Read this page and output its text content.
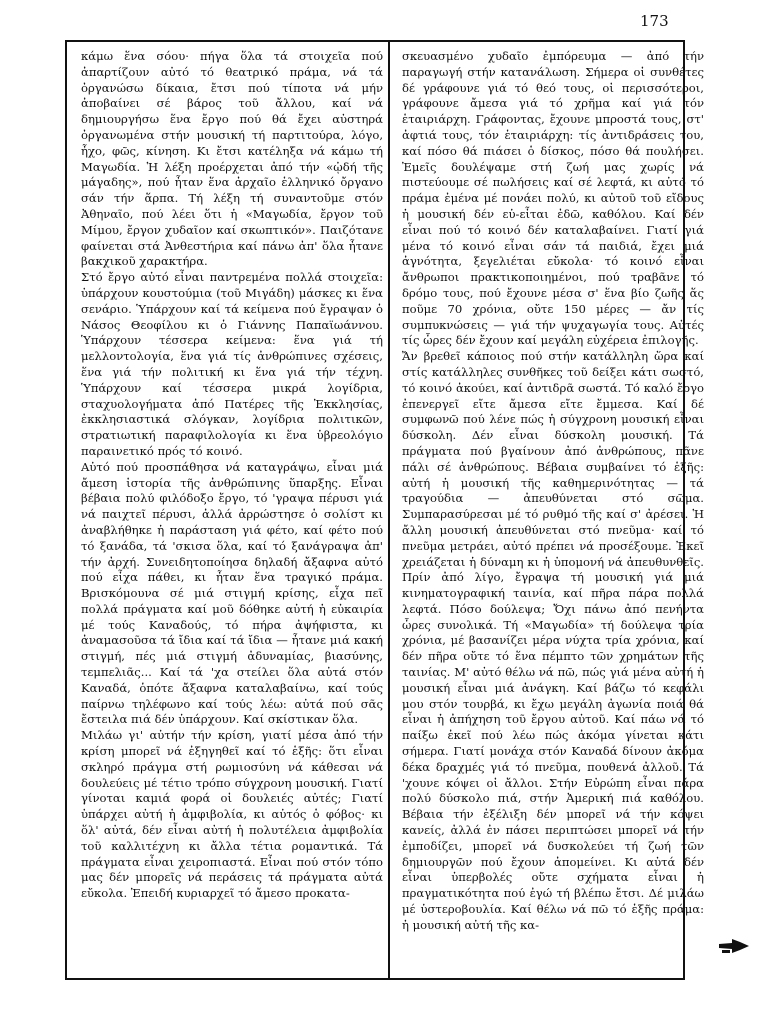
173

κάμω ἕνα σόου· πήγα ὅλα τά στοιχεῖα πού ἀπαρτίζουν αὐτό τό θεατρικό πράμα, νά τά ὀργανώσω δίκαια, ἔτσι πού τίποτα νά μήν ἀποβαίνει σέ βάρος τοῦ ἄλλου, καί νά δημιουργήσω ἕνα ἔργο πού θά ἔχει αὐστηρά ὀργανωμένα στήν μουσική τή παρτιτούρα, λόγο, ἦχο, φῶς, κίνηση. Κι ἔτσι κατέληξα νά κάμω τή Μαγωδία. Ἡ λέξη προέρχεται ἀπό τήν «ᾠδή τῆς μάγαδης», πού ἦταν ἕνα ἀρχαῖο ἑλληνικό ὄργανο σάν τήν ἅρπα. Τή λέξη τή συναντοῦμε στόν Ἀθηναῖο, πού λέει ὅτι ἡ «Μαγωδία, ἔργον τοῦ Μίμου, ἔργον χυδαῖον καί σκωπτικόν». Παιζότανε φαίνεται στά Ἀνθεστήρια καί πάνω ἀπ' ὅλα ἦτανε βακχικοῦ χαρακτήρα.

Στό ἔργο αὐτό εἶναι παντρεμένα πολλά στοιχεῖα: ὑπάρχουν κουστούμια (τοῦ Μιγάδη) μάσκες κι ἕνα σενάριο. Ὑπάρχουν καί τά κείμενα πού ἔγραψαν ὁ Νάσος Θεοφίλου κι ὁ Γιάννης Παπαϊωάννου. Ὑπάρχουν τέσσερα κείμενα: ἕνα γιά τή μελλοντολογία, ἕνα γιά τίς ἀνθρώπινες σχέσεις, ἕνα γιά τήν πολιτική κι ἕνα γιά τήν τέχνη. Ὑπάρχουν καί τέσσερα μικρά λογίδρια, σταχυολογήματα ἀπό Πατέρες τῆς Ἐκκλησίας, ἐκκλησιαστικά σλόγκαν, λογίδρια πολιτικῶν, στρατιωτική παραφιλολογία κι ἕνα ὑβρεολόγιο παραινετικό πρός τό κοινό.

Αὐτό πού προσπάθησα νά καταγράψω, εἶναι μιά ἄμεση ἱστορία τῆς ἀνθρώπινης ὕπαρξης. Εἶναι βέβαια πολύ φιλόδοξο ἔργο, τό 'γραψα πέρυσι γιά νά παιχτεῖ πέρυσι, ἀλλά ἀρρώστησε ὁ σολίστ κι ἀναβλήθηκε ἡ παράσταση γιά φέτο, καί φέτο πού τό ξανάδα, τά 'σκισα ὅλα, καί τό ξανάγραψα ἀπ' τήν ἀρχή. Συνειδητοποίησα δηλαδή ἄξαφνα αὐτό πού εἶχα πάθει, κι ἦταν ἕνα τραγικό πράμα. Βρισκόμουνα σέ μιά στιγμή κρίσης, εἶχα πεῖ πολλά πράγματα καί μοῦ δόθηκε αὐτή ἡ εὐκαιρία μέ τούς Καναδούς, τό πήρα ἀψήφιστα, κι ἀναμασοῦσα τά ἴδια καί τά ἴδια — ἦτανε μιά κακή στιγμή, πές μιά στιγμή ἀδυναμίας, βιασύνης, τεμπελιᾶς... Καί τά 'χα στείλει ὅλα αὐτά στόν Καναδά, ὁπότε ἄξαφνα καταλαβαίνω, καί τούς παίρνω τηλέφωνο καί τούς λέω: αὐτά πού σᾶς ἔστειλα πιά δέν ὑπάρχουν. Καί σκίστικαν ὅλα.

Μιλάω γι' αὐτήν τήν κρίση, γιατί μέσα ἀπό τήν κρίση μπορεῖ νά ἐξηγηθεῖ καί τό ἑξῆς: ὅτι εἶναι σκληρό πράγμα στή ρωμιοσύνη νά κάθεσαι νά δουλεύεις μέ τέτιο τρόπο σύγχρονη μουσική. Γιατί γίνοται καμιά φορά οἱ δουλειές αὐτές; Γιατί ὑπάρχει αὐτή ἡ ἀμφιβολία, κι αὐτός ὁ φόβος· κι ὅλ' αὐτά, δέν εἶναι αὐτή ἡ πολυτέλεια ἀμφιβολία τοῦ καλλιτέχνη κι ἄλλα τέτια ρομαντικά. Τά πράγματα εἶναι χειροπιαστά. Εἶναι πού στόν τόπο μας δέν μπορεῖς νά περάσεις τά πράγματα αὐτά εὔκολα. Ἐπειδή κυριαρχεῖ τό ἄμεσο προκατα-

σκευασμένο χυδαῖο ἐμπόρευμα — ἀπό τήν παραγωγή στήν κατανάλωση. Σήμερα οἱ συνθέτες δέ γράφουνε γιά τό θεό τους, οἱ περισσότεροι, γράφουνε ἄμεσα γιά τό χρῆμα καί γιά τόν ἑταιριάρχη. Γράφοντας, ἔχουνε μπροστά τους, στ' ἀφτιά τους, τόν ἑταιριάρχη: τίς ἀντιδράσεις του, καί πόσο θά πιάσει ὁ δίσκος, πόσο θά πουλήσει. Ἐμεῖς δουλέψαμε στή ζωή μας χωρίς νά πιστεύουμε σέ πωλήσεις καί σέ λεφτά, κι αὐτό τό πράμα ἐμένα μέ πονάει πολύ, κι αὐτοῦ τοῦ εἴδους ἡ μουσική δέν εὑ-εἶται ἐδῶ, καθόλου. Καί δέν εἶναι πού τό κοινό δέν καταλαβαίνει. Γιατί γιά μένα τό κοινό εἶναι σάν τά παιδιά, ἔχει μιά ἀγνότητα, ξεγελιέται εὔκολα· τό κοινό εἶναι ἄνθρωποι πρακτικοποιημένοι, πού τραβᾶνε τό δρόμο τους, πού ἔχουνε μέσα σ' ἕνα βίο ζωῆς ἅς ποῦμε 70 χρόνια, οὔτε 150 μέρες — ἄν τίς συμπυκνώσεις — γιά τήν ψυχαγωγία τους. Αὐτές τίς ὧρες δέν ἔχουν καί μεγάλη εὐχέρεια ἐπιλογῆς.

Ἄν βρεθεῖ κάποιος πού στήν κατάλληλη ὥρα καί στίς κατάλληλες συνθῆκες τοῦ δείξει κάτι σωστό, τό κοινό ἀκούει, καί ἀντιδρᾶ σωστά. Τό καλό ἔργο ἐπενεργεῖ εἴτε ἄμεσα εἴτε ἔμμεσα. Καί δέ συμφωνῶ πού λένε πώς ἡ σύγχρονη μουσική εἶναι δύσκολη. Δέν εἶναι δύσκολη μουσική. Τά πράγματα πού βγαίνουν ἀπό ἀνθρώπους, πᾶνε πάλι σέ ἀνθρώπους. Βέβαια συμβαίνει τό ἑξῆς: αὐτή ἡ μουσική τῆς καθημερινότητας — τά τραγούδια — ἀπευθύνεται στό σῶμα. Συμπαρασύρεσαι μέ τό ρυθμό τῆς καί σ' ἀρέσει. Ἡ ἄλλη μουσική ἀπευθύνεται στό πνεῦμα· καί τό πνεῦμα μετράει, αὐτό πρέπει νά προσέξουμε. Ἐκεῖ χρειάζεται ἡ δύναμη κι ἡ ὑπομονή νά ἀπευθυνθεῖς. Πρίν ἀπό λίγο, ἔγραψα τή μουσική γιά μιά κινηματογραφική ταινία, καί πῆρα πάρα πολλά λεφτά. Πόσο δούλεψα; Ὄχι πάνω ἀπό πενήντα ὧρες συνολικά. Τή «Μαγωδία» τή δούλεψα τρία χρόνια, μέ βασανίζει μέρα νύχτα τρία χρόνια, καί δέν πῆρα οὔτε τό ἕνα πέμπτο τῶν χρημάτων τῆς ταινίας. Μ' αὐτό θέλω νά πῶ, πώς γιά μένα αὐτή ἡ μουσική εἶναι μιά ἀνάγκη. Καί βάζω τό κεφάλι μου στόν τουρβά, κι ἔχω μεγάλη ἀγωνία ποιά θά εἶναι ἡ ἀπήχηση τοῦ ἔργου αὐτοῦ. Καί πάω νά τό παίξω ἐκεῖ πού λέω πώς ἀκόμα γίνεται κάτι σήμερα. Γιατί μονάχα στόν Καναδά δίνουν ἀκόμα δέκα δραχμές γιά τό πνεῦμα, πουθενά ἀλλοῦ. Τά 'χουνε κόψει οἱ ἄλλοι. Στήν Εὐρώπη εἶναι πάρα πολύ δύσκολο πιά, στήν Ἀμερική πιά καθόλου. Βέβαια τήν ἐξέλιξη δέν μπορεῖ νά τήν κόψει κανείς, ἀλλά ἐν πάσει περιπτώσει μπορεῖ νά τήν ἐμποδίζει, μπορεῖ νά δυσκολεύει τή ζωή τῶν δημιουργῶν πού ἔχουν ἀπομείνει. Κι αὐτά δέν εἶναι ὑπερβολές οὔτε σχήματα εἶναι ἡ πραγματικότητα πού ἐγώ τή βλέπω ἔτσι. Δέ μιλάω μέ ὑστεροβουλία. Καί θέλω νά πῶ τό ἑξῆς πράμα: ἡ μουσική αὐτή τῆς κα-
